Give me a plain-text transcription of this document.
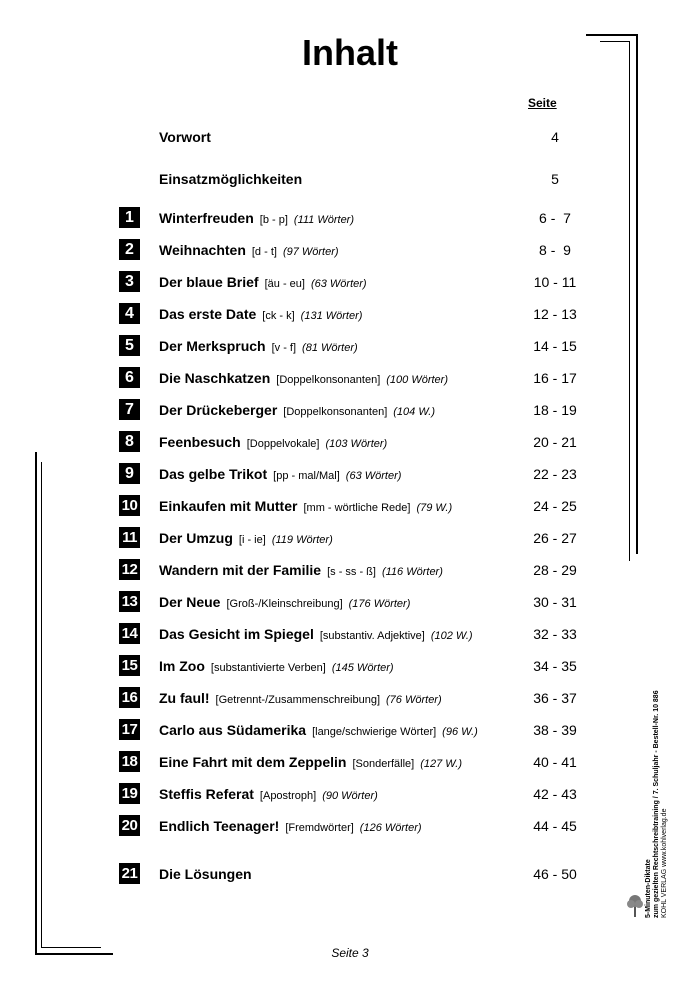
Inhalt
Seite
Vorwort	4
Einsatzmöglichkeiten	5
1	Winterfreuden [b - p] (111 Wörter)	6 -  7
2	Weihnachten [d - t] (97 Wörter)	8 -  9
3	Der blaue Brief [äu - eu] (63 Wörter)	10 - 11
4	Das erste Date [ck - k] (131 Wörter)	12 - 13
5	Der Merkspruch [v - f] (81 Wörter)	14 - 15
6	Die Naschkatzen [Doppelkonsonanten] (100 Wörter)	16 - 17
7	Der Drückeberger [Doppelkonsonanten] (104 W.)	18 - 19
8	Feenbesuch [Doppelvokale] (103 Wörter)	20 - 21
9	Das gelbe Trikot [pp - mal/Mal] (63 Wörter)	22 - 23
10 Einkaufen mit Mutter [mm - wörtliche Rede] (79 W.)	24 - 25
11 Der Umzug [i - ie] (119 Wörter)	26 - 27
12 Wandern mit der Familie [s - ss - ß] (116 Wörter)	28 - 29
13 Der Neue [Groß-/Kleinschreibung] (176 Wörter)	30 - 31
14 Das Gesicht im Spiegel [substantiv. Adjektive] (102 W.)	32 - 33
15 Im Zoo [substantivierte Verben] (145 Wörter)	34 - 35
16 Zu faul! [Getrennt-/Zusammenschreibung] (76 Wörter)	36 - 37
17 Carlo aus Südamerika [lange/schwierige Wörter] (96 W.)	38 - 39
18 Eine Fahrt mit dem Zeppelin [Sonderfälle] (127 W.)	40 - 41
19 Steffis Referat [Apostroph] (90 Wörter)	42 - 43
20 Endlich Teenager! [Fremdwörter] (126 Wörter)	44 - 45
21 Die Lösungen	46 - 50
Seite 3
5-Minuten-Diktate zum gezielten Rechtschreibtraining / 7. Schuljahr - Bestell-Nr. 10 886
KOHL VERLAG www.kohlverlag.de
